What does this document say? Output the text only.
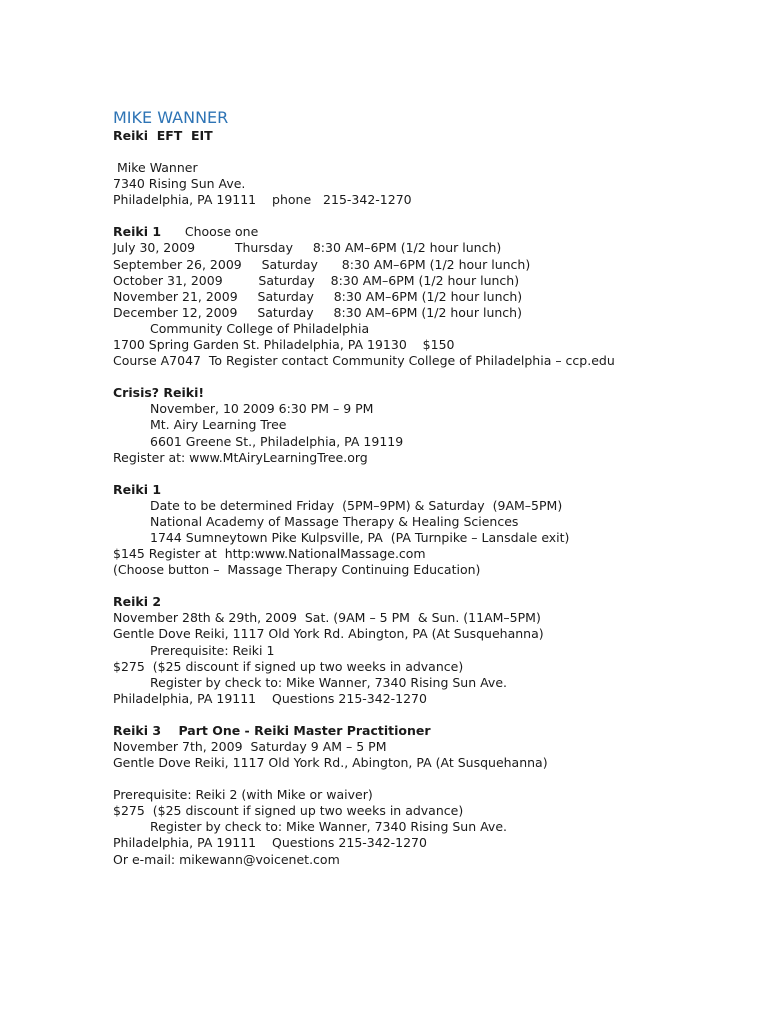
MIKE WANNER
Reiki  EFT  EIT
Mike Wanner
7340 Rising Sun Ave.
Philadelphia, PA 19111    phone   215-342-1270
Reiki 1      Choose one
July 30, 2009          Thursday     8:30 AM–6PM (1/2 hour lunch)
September 26, 2009     Saturday      8:30 AM–6PM (1/2 hour lunch)
October 31, 2009         Saturday    8:30 AM–6PM (1/2 hour lunch)
November 21, 2009     Saturday     8:30 AM–6PM (1/2 hour lunch)
December 12, 2009     Saturday     8:30 AM–6PM (1/2 hour lunch)
Community College of Philadelphia
1700 Spring Garden St. Philadelphia, PA 19130    $150
Course A7047  To Register contact Community College of Philadelphia – ccp.edu
Crisis? Reiki!
November, 10 2009 6:30 PM – 9 PM
Mt. Airy Learning Tree
6601 Greene St., Philadelphia, PA 19119
Register at: www.MtAiryLearningTree.org
Reiki 1
Date to be determined Friday  (5PM–9PM) & Saturday  (9AM–5PM)
National Academy of Massage Therapy & Healing Sciences
1744 Sumneytown Pike Kulpsville, PA  (PA Turnpike – Lansdale exit)
$145 Register at  http:www.NationalMassage.com
(Choose button –  Massage Therapy Continuing Education)
Reiki 2
November 28th & 29th, 2009  Sat. (9AM – 5 PM  & Sun. (11AM–5PM)
Gentle Dove Reiki, 1117 Old York Rd. Abington, PA (At Susquehanna)
Prerequisite: Reiki 1
$275  ($25 discount if signed up two weeks in advance)
Register by check to: Mike Wanner, 7340 Rising Sun Ave.
Philadelphia, PA 19111    Questions 215-342-1270
Reiki 3    Part One - Reiki Master Practitioner
November 7th, 2009  Saturday 9 AM – 5 PM
Gentle Dove Reiki, 1117 Old York Rd., Abington, PA (At Susquehanna)
Prerequisite: Reiki 2 (with Mike or waiver)
$275  ($25 discount if signed up two weeks in advance)
Register by check to: Mike Wanner, 7340 Rising Sun Ave.
Philadelphia, PA 19111    Questions 215-342-1270
Or e-mail: mikewann@voicenet.com
